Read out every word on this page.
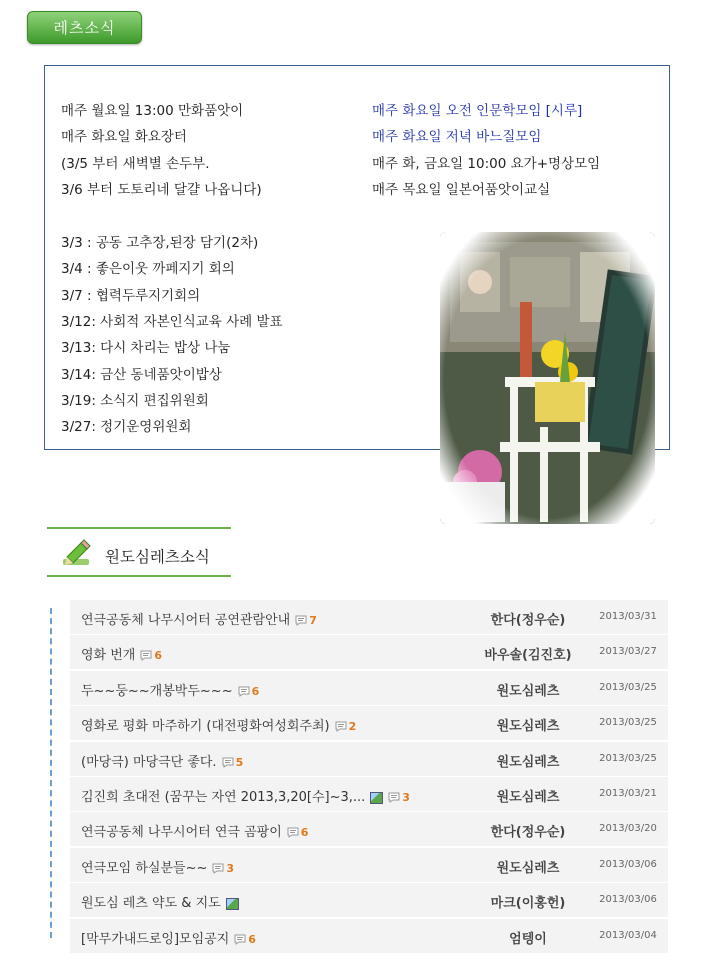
레츠소식
매주 월요일 13:00 만화품앗이
매주 화요일 화요장터
(3/5 부터 새벽별 손두부.
3/6 부터 도토리네 달걀 나옵니다)
매주 화요일 오전 인문학모임 [시루]
매주 화요일 저녁 바느질모임
매주 화, 금요일 10:00 요가+명상모임
매주 목요일 일본어품앗이교실
3/3 : 공동 고추장,된장 담기(2차)
3/4 : 좋은이웃 까페지기 회의
3/7 : 협력두루지기회의
3/12: 사회적 자본인식교육 사례 발표
3/13: 다시 차리는 밥상 나눔
3/14: 금산 동네품앗이밥상
3/19: 소식지 편집위원회
3/27: 정기운영위원회
원도심레츠소식
연극공동체 나무시어터 공연관람안내 7	한다(정우순)	2013/03/31
영화 번개 6	바우솔(김진호)	2013/03/27
두~~둥~~개봉박두~~~ 6	원도심레츠	2013/03/25
영화로 평화 마주하기 (대전평화여성회주최) 2	원도심레츠	2013/03/25
(마당극) 마당극단 좋다. 5	원도심레츠	2013/03/25
김진희 초대전 (꿈꾸는 자연 2013,3,20[수]~3,...	3	원도심레츠	2013/03/21
연극공동체 나무시어터 연극 곰팡이 6	한다(정우순)	2013/03/20
연극모임 하실분들~~ 3	원도심레츠	2013/03/06
원도심 레츠 약도 & 지도	마크(이홍헌)	2013/03/06
[막무가내드로잉]모임공지 6	엄텡이	2013/03/04
